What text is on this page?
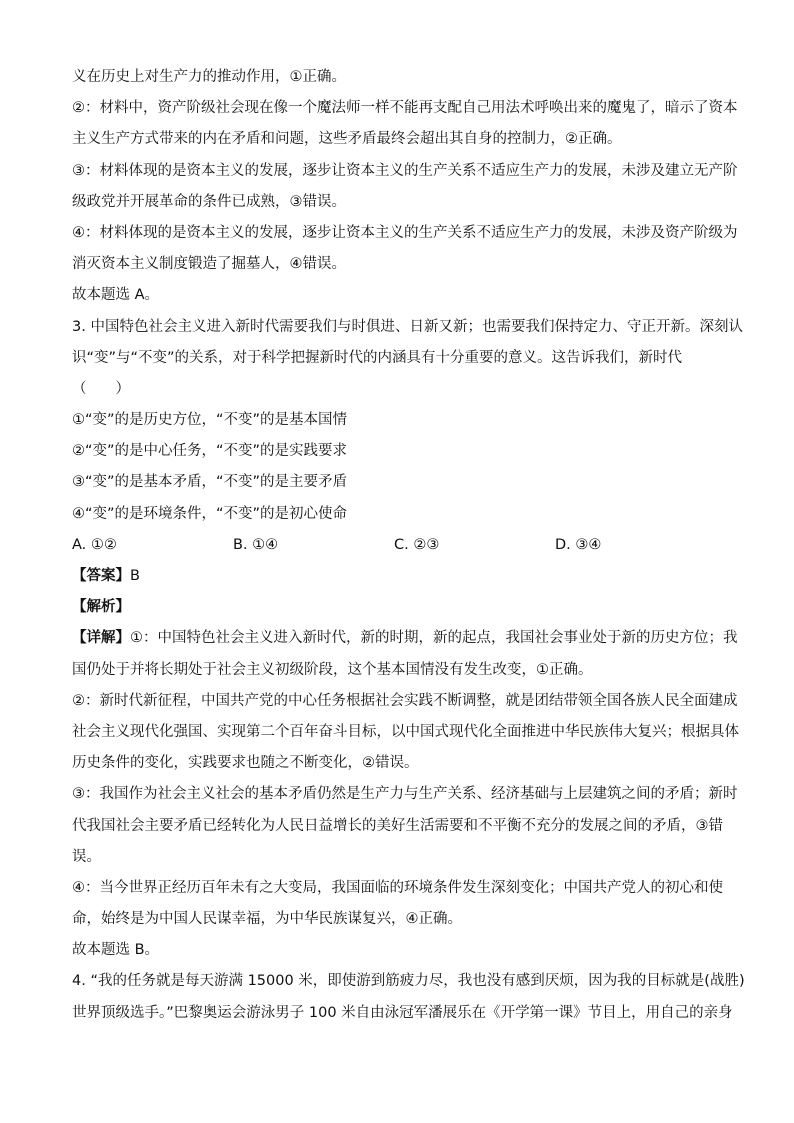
义在历史上对生产力的推动作用，①正确。
②：材料中，资产阶级社会现在像一个魔法师一样不能再支配自己用法术呼唤出来的魔鬼了，暗示了资本
主义生产方式带来的内在矛盾和问题，这些矛盾最终会超出其自身的控制力，②正确。
③：材料体现的是资本主义的发展，逐步让资本主义的生产关系不适应生产力的发展，未涉及建立无产阶
级政党并开展革命的条件已成熟，③错误。
④：材料体现的是资本主义的发展，逐步让资本主义的生产关系不适应生产力的发展，未涉及资产阶级为
消灭资本主义制度锻造了掘墓人，④错误。
故本题选 A。
3. 中国特色社会主义进入新时代需要我们与时俱进、日新又新；也需要我们保持定力、守正开新。深刻认
识“变”与“不变”的关系，对于科学把握新时代的内涵具有十分重要的意义。这告诉我们，新时代
（　　）
①“变”的是历史方位，“不变”的是基本国情
②“变”的是中心任务，“不变”的是实践要求
③“变”的是基本矛盾，“不变”的是主要矛盾
④“变”的是环境条件，“不变”的是初心使命
A. ①②	B. ①④	C. ②③	D. ③④
【答案】B
【解析】
【详解】①：中国特色社会主义进入新时代，新的时期，新的起点，我国社会事业处于新的历史方位；我
国仍处于并将长期处于社会主义初级阶段，这个基本国情没有发生改变，①正确。
②：新时代新征程，中国共产党的中心任务根据社会实践不断调整，就是团结带领全国各族人民全面建成
社会主义现代化强国、实现第二个百年奋斗目标，以中国式现代化全面推进中华民族伟大复兴；根据具体
历史条件的变化，实践要求也随之不断变化，②错误。
③：我国作为社会主义社会的基本矛盾仍然是生产力与生产关系、经济基础与上层建筑之间的矛盾；新时
代我国社会主要矛盾已经转化为人民日益增长的美好生活需要和不平衡不充分的发展之间的矛盾，③错
误。
④：当今世界正经历百年未有之大变局，我国面临的环境条件发生深刻变化；中国共产党人的初心和使
命，始终是为中国人民谋幸福，为中华民族谋复兴，④正确。
故本题选 B。
4. “我的任务就是每天游满 15000 米，即使游到筋疲力尽，我也没有感到厌烦，因为我的目标就是(战胜)
世界顶级选手。”巴黎奥运会游泳男子 100 米自由泳冠军潘展乐在《开学第一课》节目上，用自己的亲身
